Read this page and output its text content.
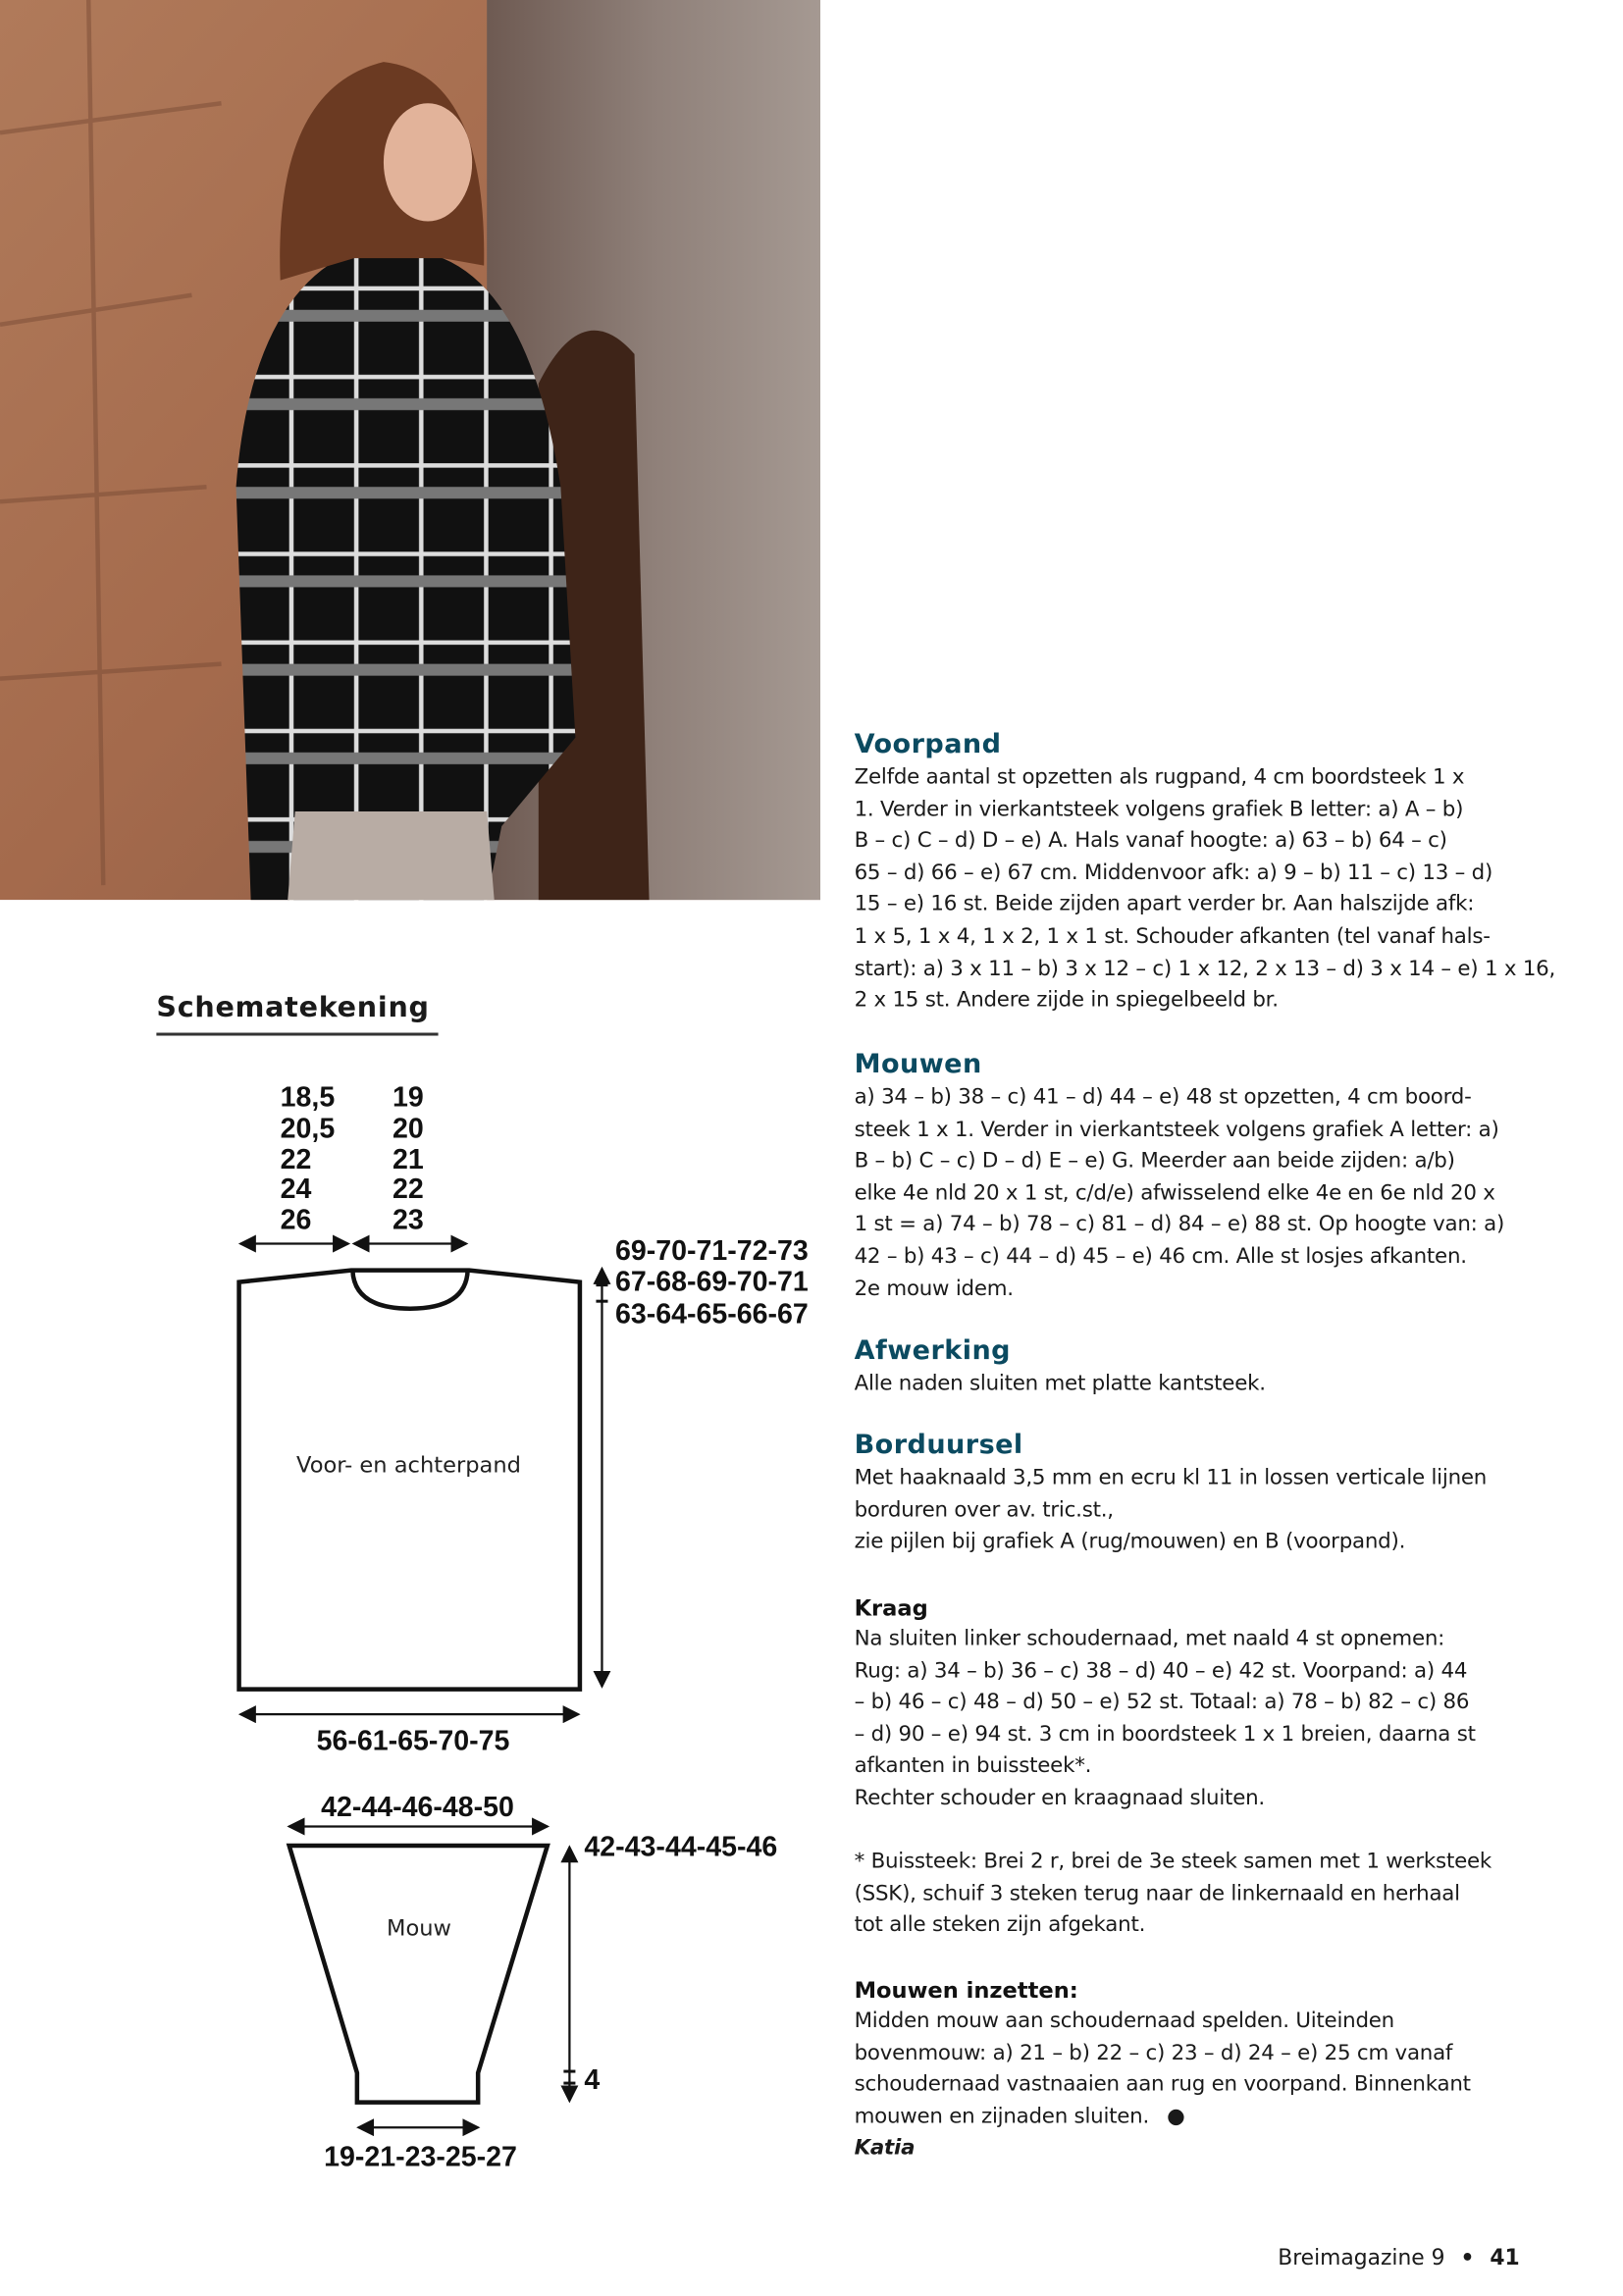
Schematekening
18,5
20,5
22
24
26
19
20
21
22
23
Voor- en achterpand
69-70-71-72-73
67-68-69-70-71
63-64-65-66-67
56-61-65-70-75
42-44-46-48-50
Mouw
42-43-44-45-46
4
19-21-23-25-27
Voorpand
Zelfde aantal st opzetten als rugpand, 4 cm boordsteek 1 x
1. Verder in vierkantsteek volgens grafiek B letter: a) A – b)
B – c) C – d) D – e) A. Hals vanaf hoogte: a) 63 – b) 64 – c)
65 – d) 66 – e) 67 cm. Middenvoor afk: a) 9 – b) 11 – c) 13 – d)
15 – e) 16 st. Beide zijden apart verder br. Aan halszijde afk:
1 x 5, 1 x 4, 1 x 2, 1 x 1 st. Schouder afkanten (tel vanaf hals-
start): a) 3 x 11 – b) 3 x 12 – c) 1 x 12, 2 x 13 – d) 3 x 14 – e) 1 x 16,
2 x 15 st. Andere zijde in spiegelbeeld br.
Mouwen
a) 34 – b) 38 – c) 41 – d) 44 – e) 48 st opzetten, 4 cm boord-
steek 1 x 1. Verder in vierkantsteek volgens grafiek A letter: a)
B – b) C – c) D – d) E – e) G. Meerder aan beide zijden: a/b)
elke 4e nld 20 x 1 st, c/d/e) afwisselend elke 4e en 6e nld 20 x
1 st = a) 74 – b) 78 – c) 81 – d) 84 – e) 88 st. Op hoogte van: a)
42 – b) 43 – c) 44 – d) 45 – e) 46 cm. Alle st losjes afkanten.
2e mouw idem.
Afwerking
Alle naden sluiten met platte kantsteek.
Borduursel
Met haaknaald 3,5 mm en ecru kl 11 in lossen verticale lijnen
borduren over av. tric.st.,
zie pijlen bij grafiek A (rug/mouwen) en B (voorpand).
Kraag
Na sluiten linker schoudernaad, met naald 4 st opnemen:
Rug: a) 34 – b) 36 – c) 38 – d) 40 – e) 42 st. Voorpand: a) 44
– b) 46 – c) 48 – d) 50 – e) 52 st. Totaal: a) 78 – b) 82 – c) 86
– d) 90 – e) 94 st. 3 cm in boordsteek 1 x 1 breien, daarna st
afkanten in buissteek*.
Rechter schouder en kraagnaad sluiten.
* Buissteek: Brei 2 r, brei de 3e steek samen met 1 werksteek
(SSK), schuif 3 steken terug naar de linkernaald en herhaal
tot alle steken zijn afgekant.
Mouwen inzetten:
Midden mouw aan schoudernaad spelden. Uiteinden
bovenmouw: a) 21 – b) 22 – c) 23 – d) 24 – e) 25 cm vanaf
schoudernaad vastnaaien aan rug en voorpand. Binnenkant
mouwen en zijnaden sluiten. ●
Katia
Breimagazine 9 • 41
